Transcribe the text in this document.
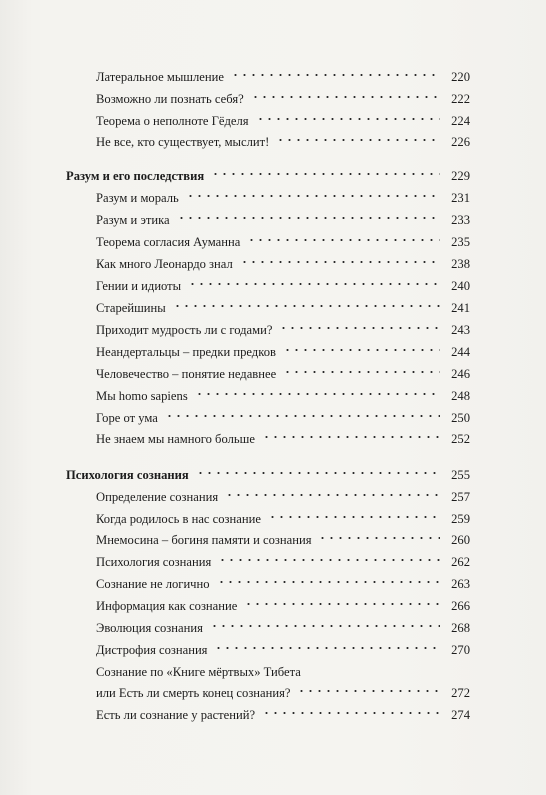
Латеральное мышление	220
Возможно ли познать себя?	222
Теорема о неполноте Гёделя	224
Не все, кто существует, мыслит!	226
Разум и его последствия	229
Разум и мораль	231
Разум и этика	233
Теорема согласия Ауманна	235
Как много Леонардо знал	238
Гении и идиоты	240
Старейшины	241
Приходит мудрость ли с годами?	243
Неандертальцы – предки предков	244
Человечество – понятие недавнее	246
Мы homo sapiens	248
Горе от ума	250
Не знаем мы намного больше	252
Психология сознания	255
Определение сознания	257
Когда родилось в нас сознание	259
Мнемосина – богиня памяти и сознания	260
Психология сознания	262
Сознание не логично	263
Информация как сознание	266
Эволюция сознания	268
Дистрофия сознания	270
Сознание по «Книге мёртвых» Тибета
или Есть ли смерть конец сознания?	272
Есть ли сознание у растений?	274
